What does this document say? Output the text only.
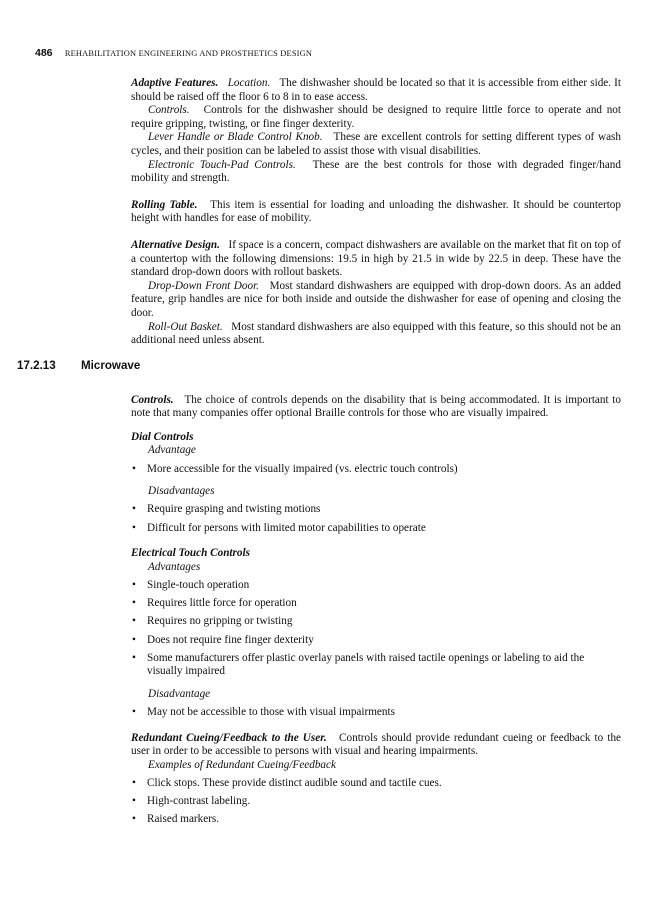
486 REHABILITATION ENGINEERING AND PROSTHETICS DESIGN

Adaptive Features. Location. The dishwasher should be located so that it is accessible from either side. It should be raised off the floor 6 to 8 in to ease access.

Controls. Controls for the dishwasher should be designed to require little force to operate and not require gripping, twisting, or fine finger dexterity.

Lever Handle or Blade Control Knob. These are excellent controls for setting different types of wash cycles, and their position can be labeled to assist those with visual disabilities.

Electronic Touch-Pad Controls. These are the best controls for those with degraded finger/hand mobility and strength.

Rolling Table. This item is essential for loading and unloading the dishwasher. It should be countertop height with handles for ease of mobility.

Alternative Design. If space is a concern, compact dishwashers are available on the market that fit on top of a countertop with the following dimensions: 19.5 in high by 21.5 in wide by 22.5 in deep. These have the standard drop-down doors with rollout baskets.

Drop-Down Front Door. Most standard dishwashers are equipped with drop-down doors. As an added feature, grip handles are nice for both inside and outside the dishwasher for ease of opening and closing the door.

Roll-Out Basket. Most standard dishwashers are also equipped with this feature, so this should not be an additional need unless absent.

Controls. The choice of controls depends on the disability that is being accommodated. It is important to note that many companies offer optional Braille controls for those who are visually impaired.

Dial Controls
Advantage
• More accessible for the visually impaired (vs. electric touch controls)
Disadvantages
• Require grasping and twisting motions
• Difficult for persons with limited motor capabilities to operate
Electrical Touch Controls
Advantages
• Single-touch operation
• Requires little force for operation
• Requires no gripping or twisting
• Does not require fine finger dexterity
• Some manufacturers offer plastic overlay panels with raised tactile openings or labeling to aid the visually impaired
Disadvantage
• May not be accessible to those with visual impairments

Redundant Cueing/Feedback to the User. Controls should provide redundant cueing or feedback to the user in order to be accessible to persons with visual and hearing impairments.

Examples of Redundant Cueing/Feedback
• Click stops. These provide distinct audible sound and tactile cues.
• High-contrast labeling.
• Raised markers.
17.2.13 Microwave
